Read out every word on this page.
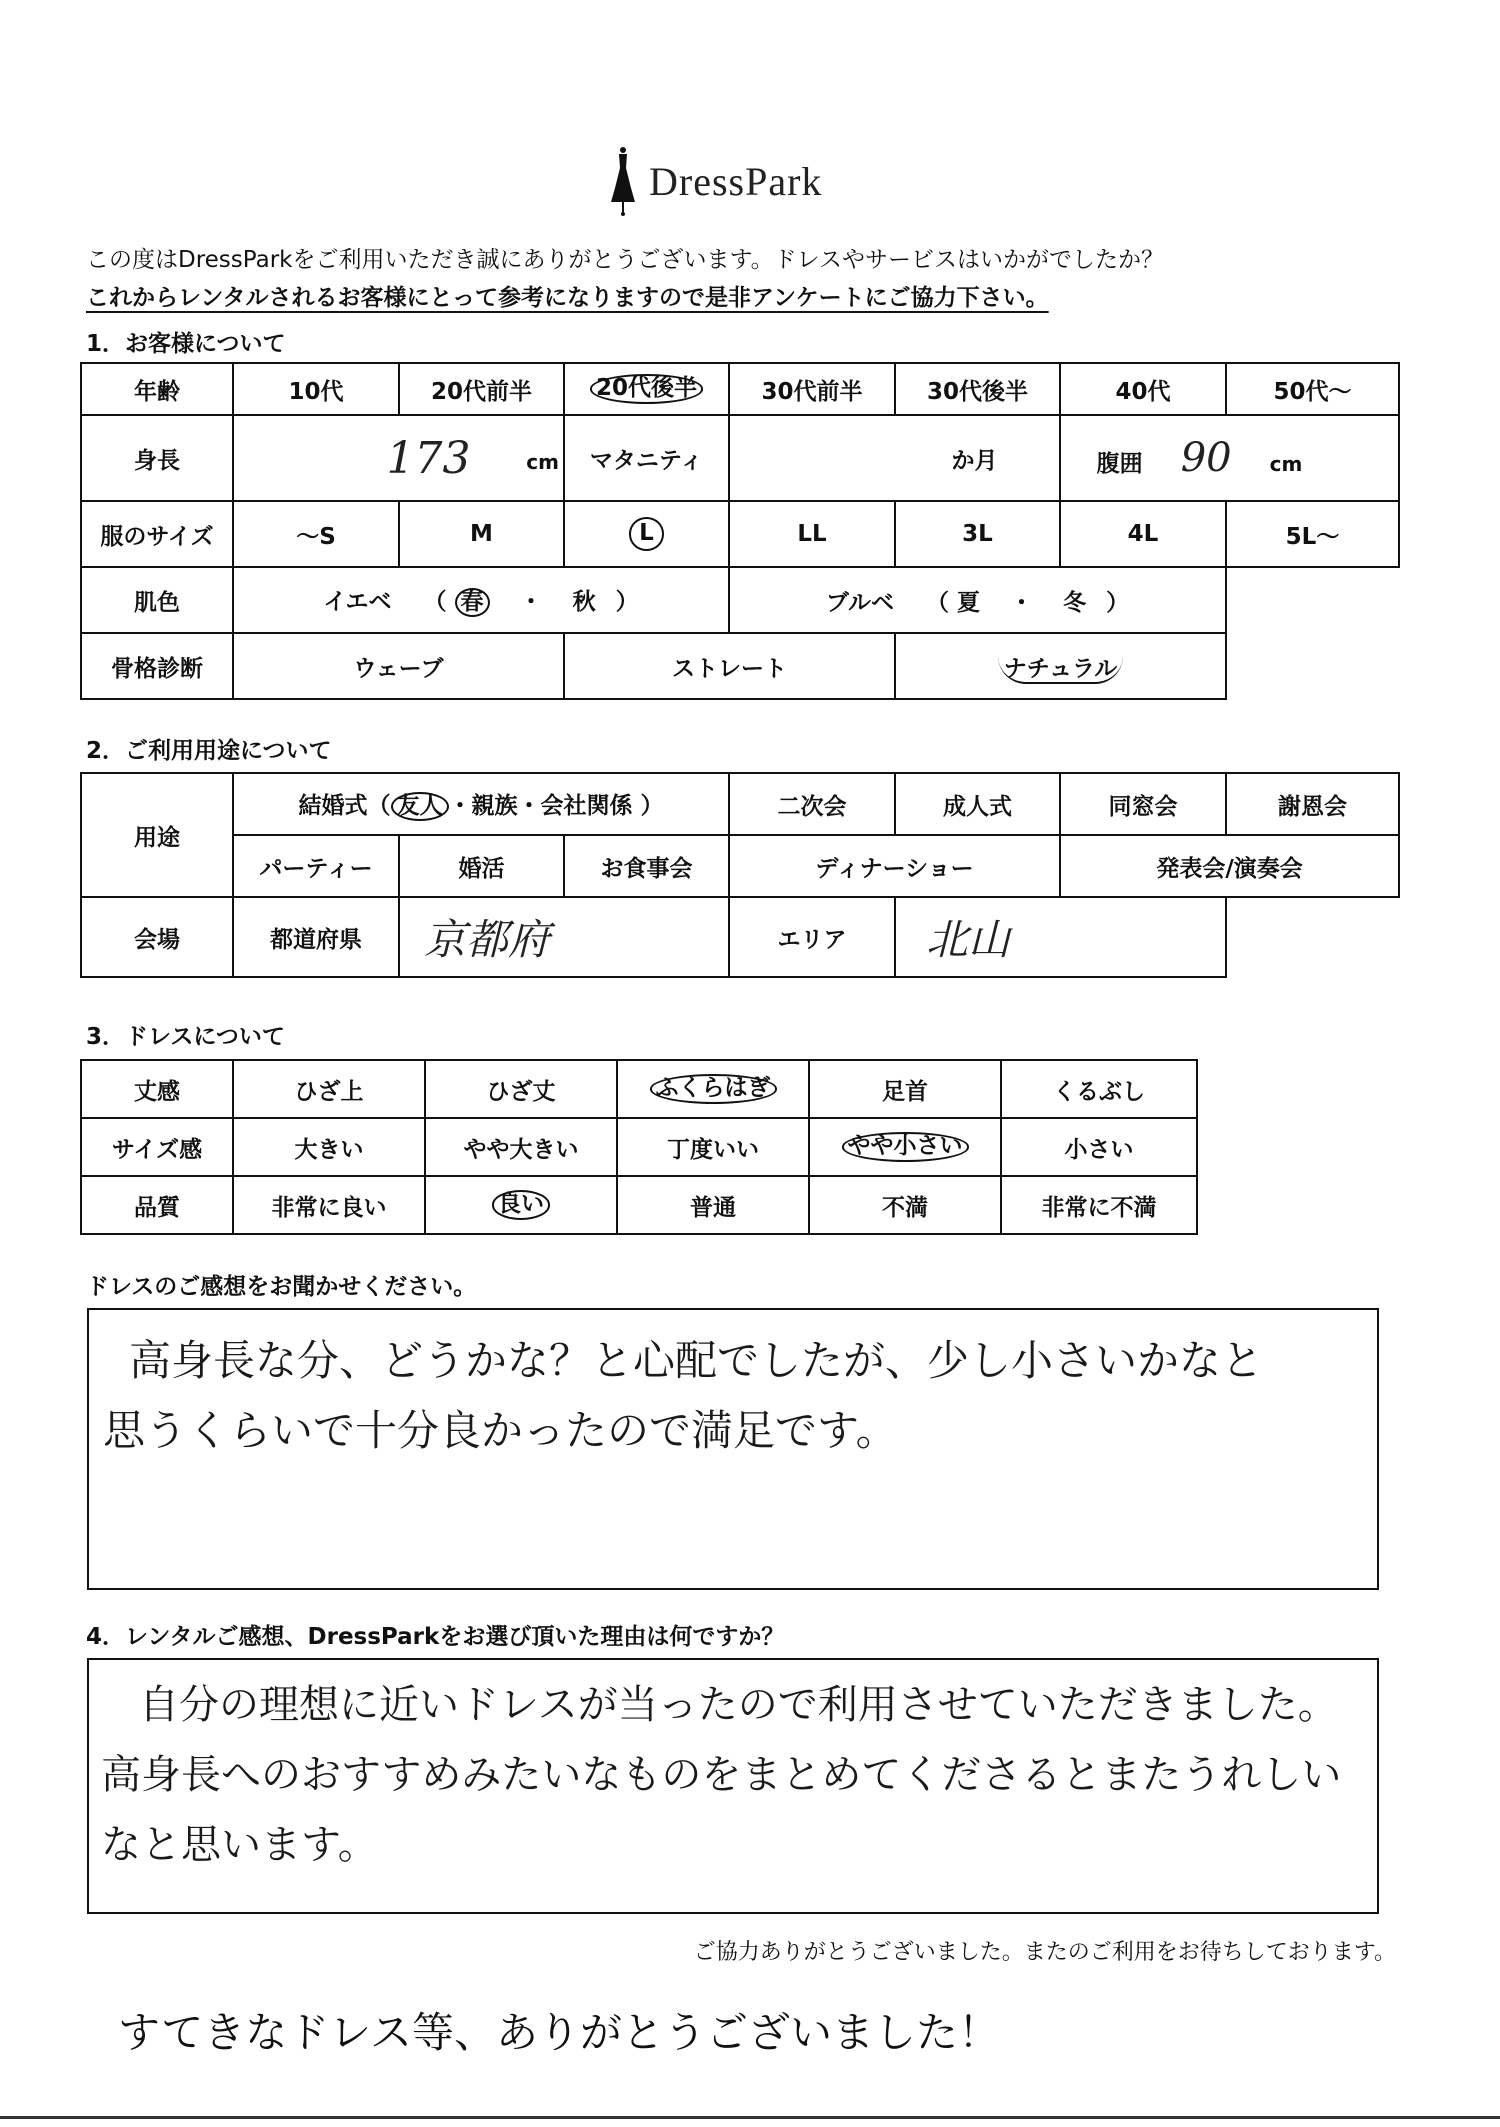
DressPark
この度はDressParkをご利用いただき誠にありがとうございます。ドレスやサービスはいかがでしたか？
これからレンタルされるお客様にとって参考になりますので是非アンケートにご協力下さい。
1．お客様について
年齢	10代	20代前半	20代後半	30代前半	30代後半	40代	50代～
身長	173 cm		マタニティ	か月		腹囲 90 cm	
服のサイズ	～S	M	L	LL	3L	4L	5L～
肌色	イエベ （ 春 ・ 秋 ）			ブルベ （ 夏 ・ 冬 ）			
骨格診断	ウェーブ		ストレート		ナチュラル		
2．ご利用用途について
用途	結婚式（ 友人 ・親族・会社関係 ）			二次会	成人式	同窓会	謝恩会
	パーティー	婚活	お食事会	ディナーショー		発表会/演奏会	
会場	都道府県	京都府		エリア	北山		
3．ドレスについて
丈感	ひざ上	ひざ丈	ふくらはぎ	足首	くるぶし
サイズ感	大きい	やや大きい	丁度いい	やや小さい	小さい
品質	非常に良い	良い	普通	不満	非常に不満
ドレスのご感想をお聞かせください。
高身長な分、どうかな？と心配でしたが、少し小さいかなと
思うくらいで十分良かったので満足です。
4．レンタルご感想、DressParkをお選び頂いた理由は何ですか？
自分の理想に近いドレスが当ったので利用させていただきました。
高身長へのおすすめみたいなものをまとめてくださるとまたうれしい
なと思います。
ご協力ありがとうございました。またのご利用をお待ちしております。
すてきなドレス等、ありがとうございました！
